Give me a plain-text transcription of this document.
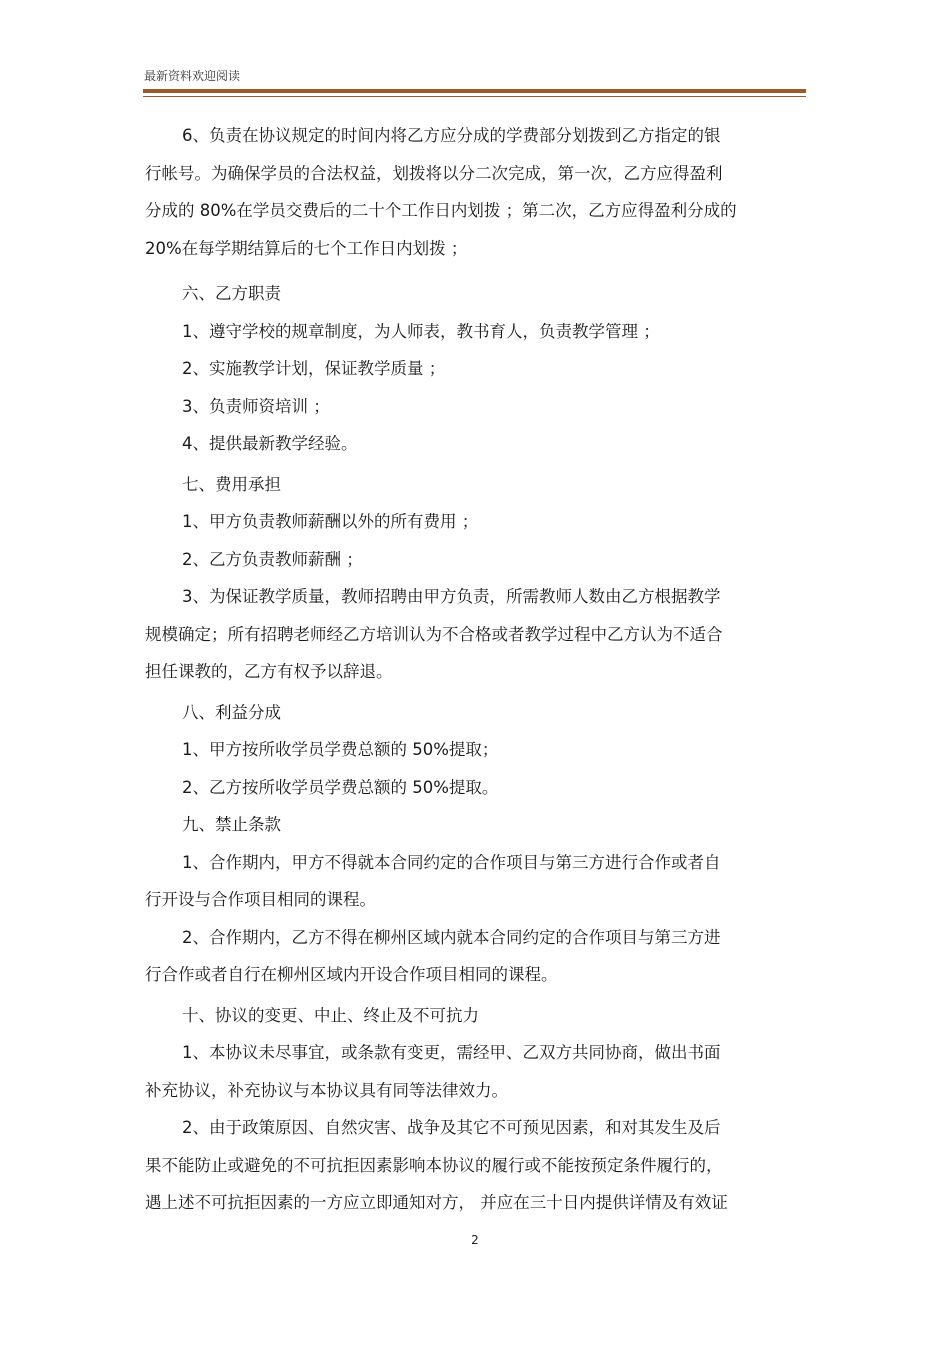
最新资料欢迎阅读
6、负责在协议规定的时间内将乙方应分成的学费部分划拨到乙方指定的银
行帐号。为确保学员的合法权益，划拨将以分二次完成，第一次，乙方应得盈利
分成的 80%在学员交费后的二十个工作日内划拨 ；第二次，乙方应得盈利分成的
20%在每学期结算后的七个工作日内划拨 ；
六、乙方职责
1、遵守学校的规章制度，为人师表，教书育人，负责教学管理 ；
2、实施教学计划，保证教学质量 ；
3、负责师资培训 ；
4、提供最新教学经验。
七、费用承担
1、甲方负责教师薪酬以外的所有费用 ；
2、乙方负责教师薪酬 ；
3、为保证教学质量，教师招聘由甲方负责，所需教师人数由乙方根据教学
规模确定；所有招聘老师经乙方培训认为不合格或者教学过程中乙方认为不适合
担任课教的，乙方有权予以辞退。
八、利益分成
1、甲方按所收学员学费总额的 50%提取；
2、乙方按所收学员学费总额的 50%提取。
九、禁止条款
1、合作期内，甲方不得就本合同约定的合作项目与第三方进行合作或者自
行开设与合作项目相同的课程。
2、合作期内，乙方不得在柳州区域内就本合同约定的合作项目与第三方进
行合作或者自行在柳州区域内开设合作项目相同的课程。
十、协议的变更、中止、终止及不可抗力
1、本协议未尽事宜，或条款有变更，需经甲、乙双方共同协商，做出书面
补充协议，补充协议与本协议具有同等法律效力。
2、由于政策原因、自然灾害、战争及其它不可预见因素，和对其发生及后
果不能防止或避免的不可抗拒因素影响本协议的履行或不能按预定条件履行的，
遇上述不可抗拒因素的一方应立即通知对方， 并应在三十日内提供详情及有效证
2
